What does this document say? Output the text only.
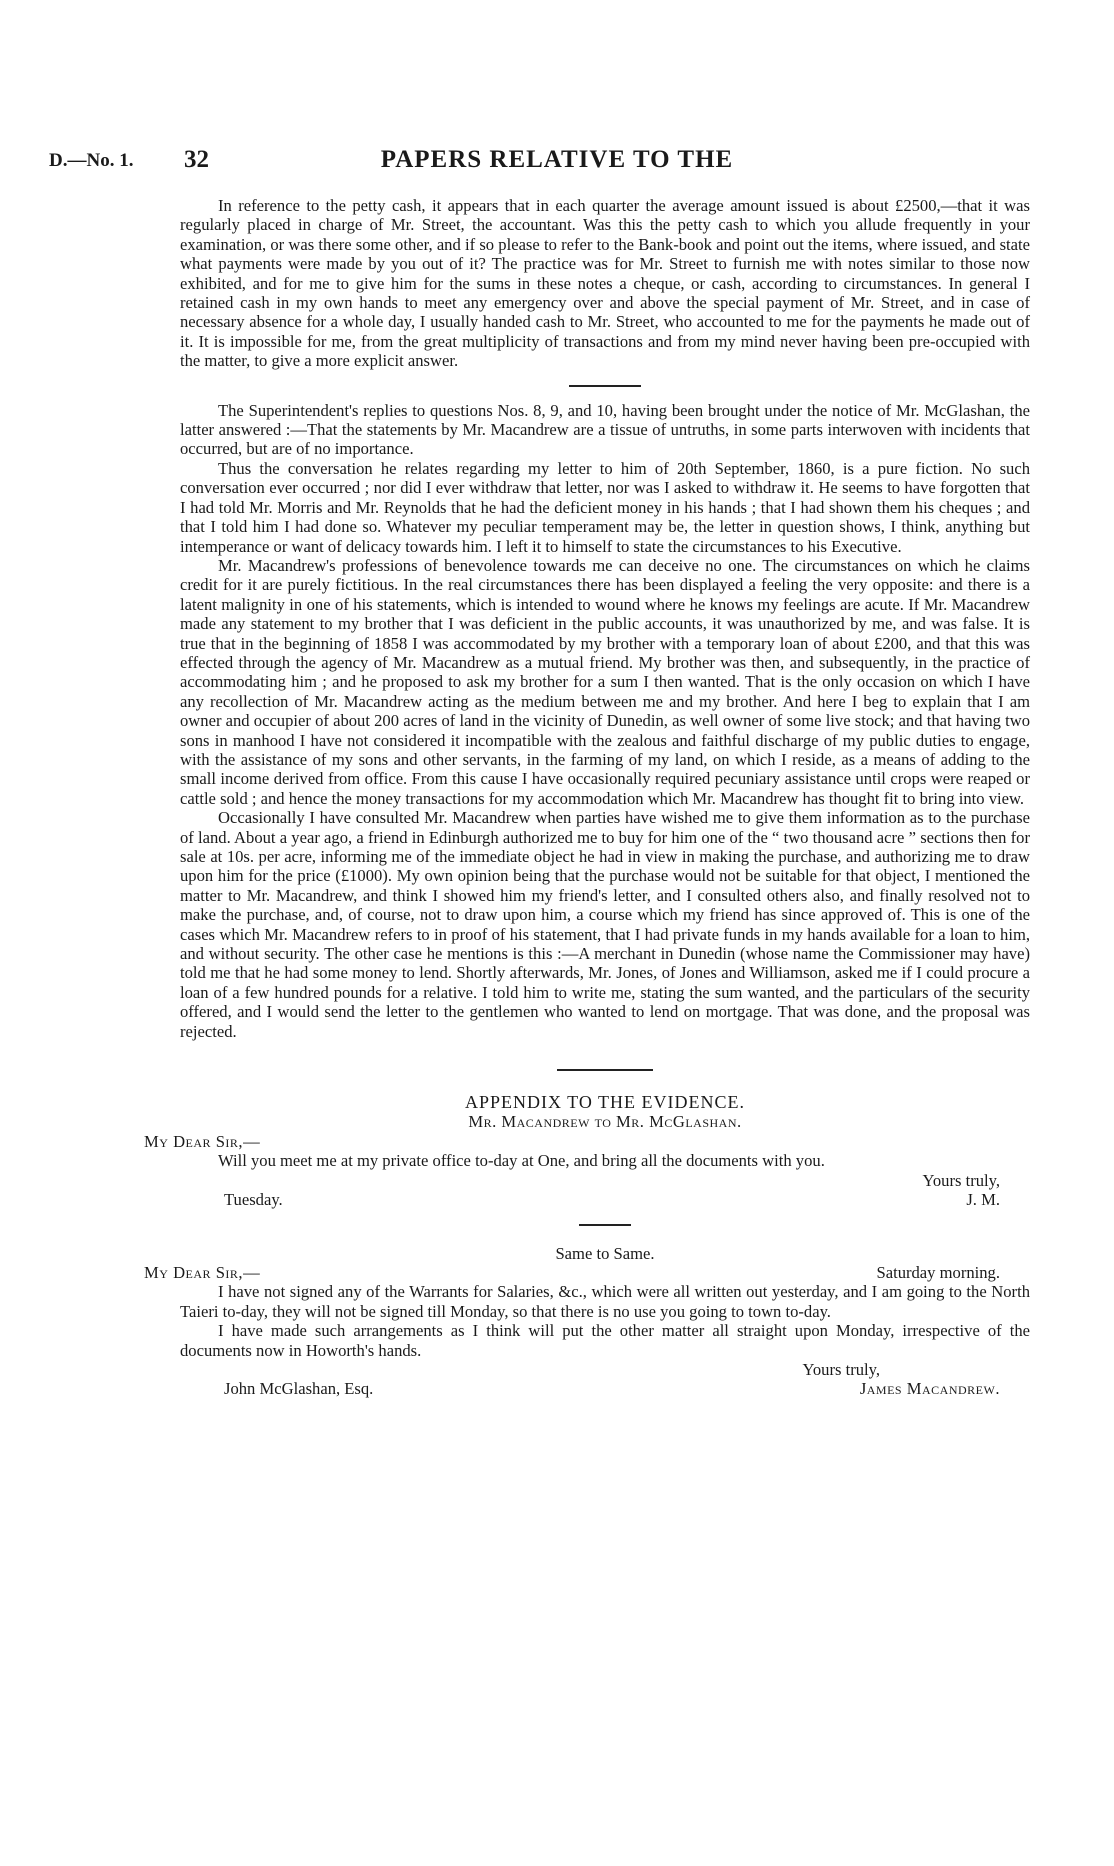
D.—No. 1. 32	PAPERS RELATIVE TO THE

In reference to the petty cash, it appears that in each quarter the average amount issued is about £2500,—that it was regularly placed in charge of Mr. Street, the accountant. Was this the petty cash to which you allude frequently in your examination, or was there some other, and if so please to refer to the Bank-book and point out the items, where issued, and state what payments were made by you out of it? The practice was for Mr. Street to furnish me with notes similar to those now exhibited, and for me to give him for the sums in these notes a cheque, or cash, according to circumstances. In general I retained cash in my own hands to meet any emergency over and above the special payment of Mr. Street, and in case of necessary absence for a whole day, I usually handed cash to Mr. Street, who accounted to me for the payments he made out of it. It is impossible for me, from the great multiplicity of transactions and from my mind never having been pre-occupied with the matter, to give a more explicit answer.

The Superintendent's replies to questions Nos. 8, 9, and 10, having been brought under the notice of Mr. McGlashan, the latter answered :—That the statements by Mr. Macandrew are a tissue of untruths, in some parts interwoven with incidents that occurred, but are of no importance.

Thus the conversation he relates regarding my letter to him of 20th September, 1860, is a pure fiction. No such conversation ever occurred ; nor did I ever withdraw that letter, nor was I asked to withdraw it. He seems to have forgotten that I had told Mr. Morris and Mr. Reynolds that he had the deficient money in his hands ; that I had shown them his cheques ; and that I told him I had done so. Whatever my peculiar temperament may be, the letter in question shows, I think, anything but intemperance or want of delicacy towards him. I left it to himself to state the circumstances to his Executive.

Mr. Macandrew's professions of benevolence towards me can deceive no one. The circumstances on which he claims credit for it are purely fictitious. In the real circumstances there has been displayed a feeling the very opposite: and there is a latent malignity in one of his statements, which is intended to wound where he knows my feelings are acute. If Mr. Macandrew made any statement to my brother that I was deficient in the public accounts, it was unauthorized by me, and was false. It is true that in the beginning of 1858 I was accommodated by my brother with a temporary loan of about £200, and that this was effected through the agency of Mr. Macandrew as a mutual friend. My brother was then, and subsequently, in the practice of accommodating him ; and he proposed to ask my brother for a sum I then wanted. That is the only occasion on which I have any recollection of Mr. Macandrew acting as the medium between me and my brother. And here I beg to explain that I am owner and occupier of about 200 acres of land in the vicinity of Dunedin, as well owner of some live stock; and that having two sons in manhood I have not considered it incompatible with the zealous and faithful discharge of my public duties to engage, with the assistance of my sons and other servants, in the farming of my land, on which I reside, as a means of adding to the small income derived from office. From this cause I have occasionally required pecuniary assistance until crops were reaped or cattle sold ; and hence the money transactions for my accommodation which Mr. Macandrew has thought fit to bring into view.

Occasionally I have consulted Mr. Macandrew when parties have wished me to give them information as to the purchase of land. About a year ago, a friend in Edinburgh authorized me to buy for him one of the “ two thousand acre ” sections then for sale at 10s. per acre, informing me of the immediate object he had in view in making the purchase, and authorizing me to draw upon him for the price (£1000). My own opinion being that the purchase would not be suitable for that object, I mentioned the matter to Mr. Macandrew, and think I showed him my friend's letter, and I consulted others also, and finally resolved not to make the purchase, and, of course, not to draw upon him, a course which my friend has since approved of. This is one of the cases which Mr. Macandrew refers to in proof of his statement, that I had private funds in my hands available for a loan to him, and without security. The other case he mentions is this :—A merchant in Dunedin (whose name the Commissioner may have) told me that he had some money to lend. Shortly afterwards, Mr. Jones, of Jones and Williamson, asked me if I could procure a loan of a few hundred pounds for a relative. I told him to write me, stating the sum wanted, and the particulars of the security offered, and I would send the letter to the gentlemen who wanted to lend on mortgage. That was done, and the proposal was rejected.

APPENDIX TO THE EVIDENCE.

Mr. Macandrew to Mr. McGlashan.

My Dear Sir,—

Will you meet me at my private office to-day at One, and bring all the documents with you.

Yours truly,

Tuesday.	J. M.

Same to Same.

My Dear Sir,—	Saturday morning.

I have not signed any of the Warrants for Salaries, &c., which were all written out yesterday, and I am going to the North Taieri to-day, they will not be signed till Monday, so that there is no use you going to town to-day.

I have made such arrangements as I think will put the other matter all straight upon Monday, irrespective of the documents now in Howorth's hands.

Yours truly,

John McGlashan, Esq.	James Macandrew.
